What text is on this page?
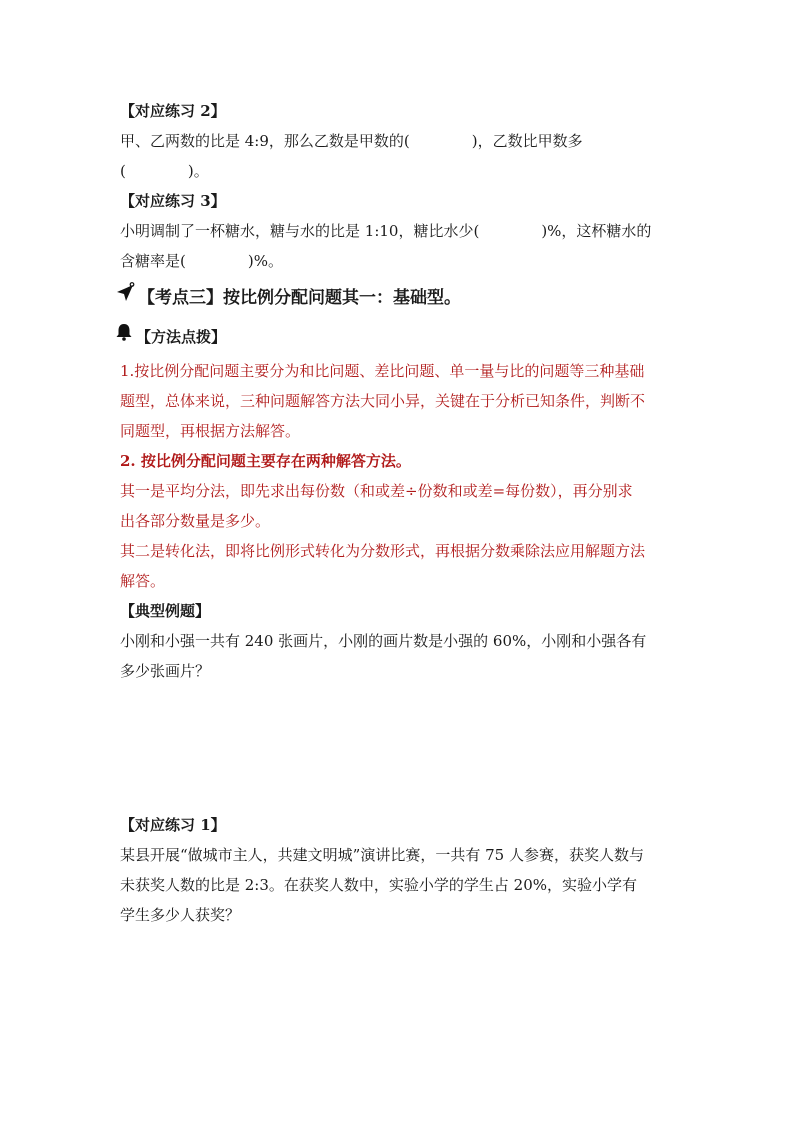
【对应练习 2】
甲、乙两数的比是 4:9，那么乙数是甲数的(	)，乙数比甲数多
(	)。
【对应练习 3】
小明调制了一杯糖水，糖与水的比是 1:10，糖比水少(	)%，这杯糖水的
含糖率是(	)%。
【考点三】按比例分配问题其一：基础型。
【方法点拨】
1.按比例分配问题主要分为和比问题、差比问题、单一量与比的问题等三种基础
题型，总体来说，三种问题解答方法大同小异，关键在于分析已知条件，判断不
同题型，再根据方法解答。
2. 按比例分配问题主要存在两种解答方法。
其一是平均分法，即先求出每份数（和或差÷份数和或差=每份数），再分别求
出各部分数量是多少。
其二是转化法，即将比例形式转化为分数形式，再根据分数乘除法应用解题方法
解答。
【典型例题】
小刚和小强一共有 240 张画片，小刚的画片数是小强的 60%，小刚和小强各有
多少张画片？
【对应练习 1】
某县开展“做城市主人，共建文明城”演讲比赛，一共有 75 人参赛，获奖人数与
未获奖人数的比是 2:3。在获奖人数中，实验小学的学生占 20%，实验小学有
学生多少人获奖？
